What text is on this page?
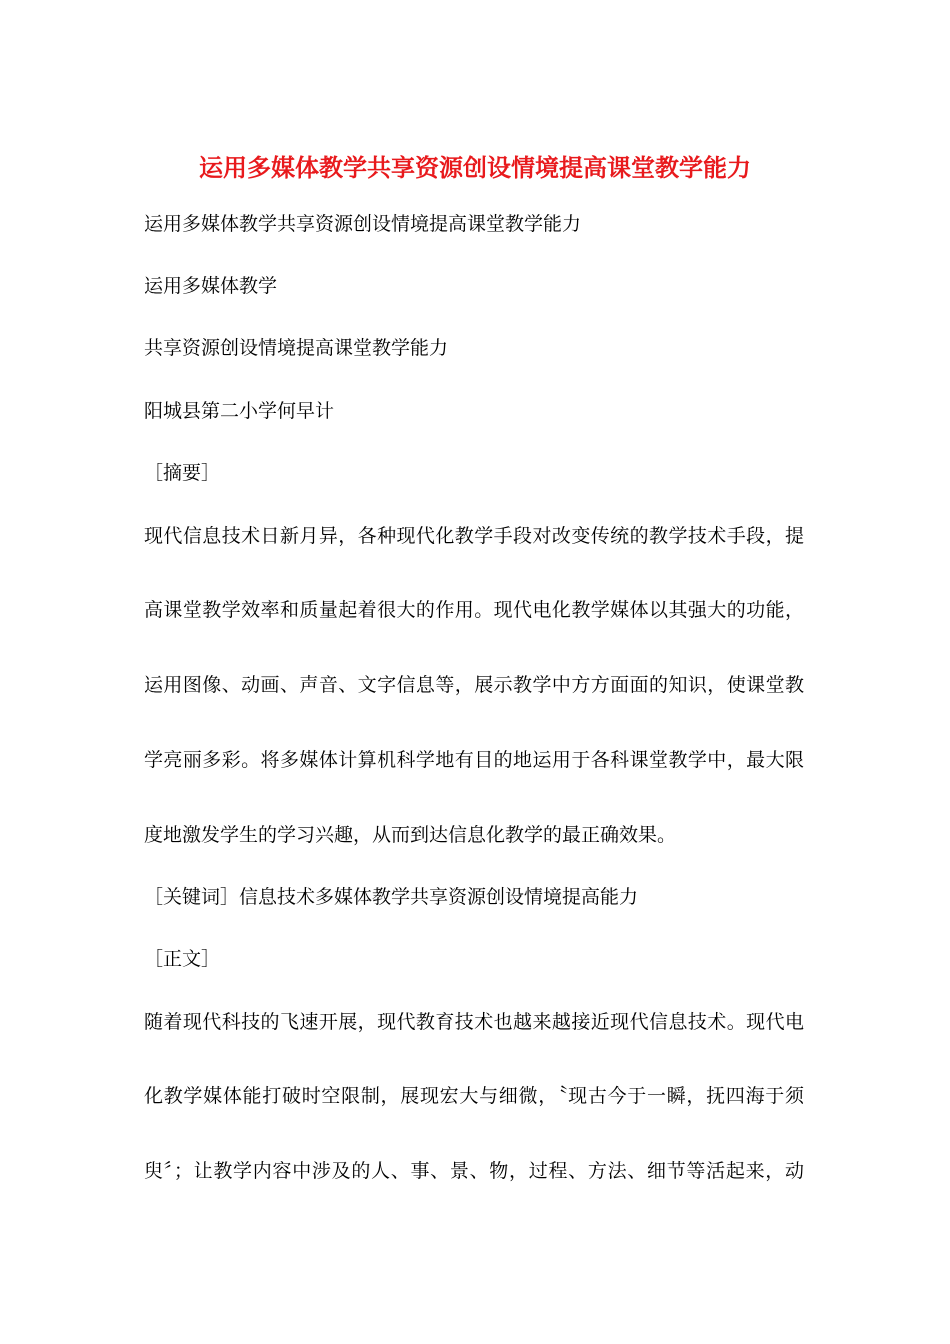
运用多媒体教学共享资源创设情境提高课堂教学能力
运用多媒体教学共享资源创设情境提高课堂教学能力
运用多媒体教学
共享资源创设情境提高课堂教学能力
阳城县第二小学何早计
［摘要］
现代信息技术日新月异，各种现代化教学手段对改变传统的教学技术手段，提
高课堂教学效率和质量起着很大的作用。现代电化教学媒体以其强大的功能，
运用图像、动画、声音、文字信息等，展示教学中方方面面的知识，使课堂教
学亮丽多彩。将多媒体计算机科学地有目的地运用于各科课堂教学中，最大限
度地激发学生的学习兴趣，从而到达信息化教学的最正确效果。
［关键词］信息技术多媒体教学共享资源创设情境提高能力
［正文］
随着现代科技的飞速开展，现代教育技术也越来越接近现代信息技术。现代电
化教学媒体能打破时空限制，展现宏大与细微，〝现古今于一瞬，抚四海于须
臾〞；让教学内容中涉及的人、事、景、物，过程、方法、细节等活起来，动
